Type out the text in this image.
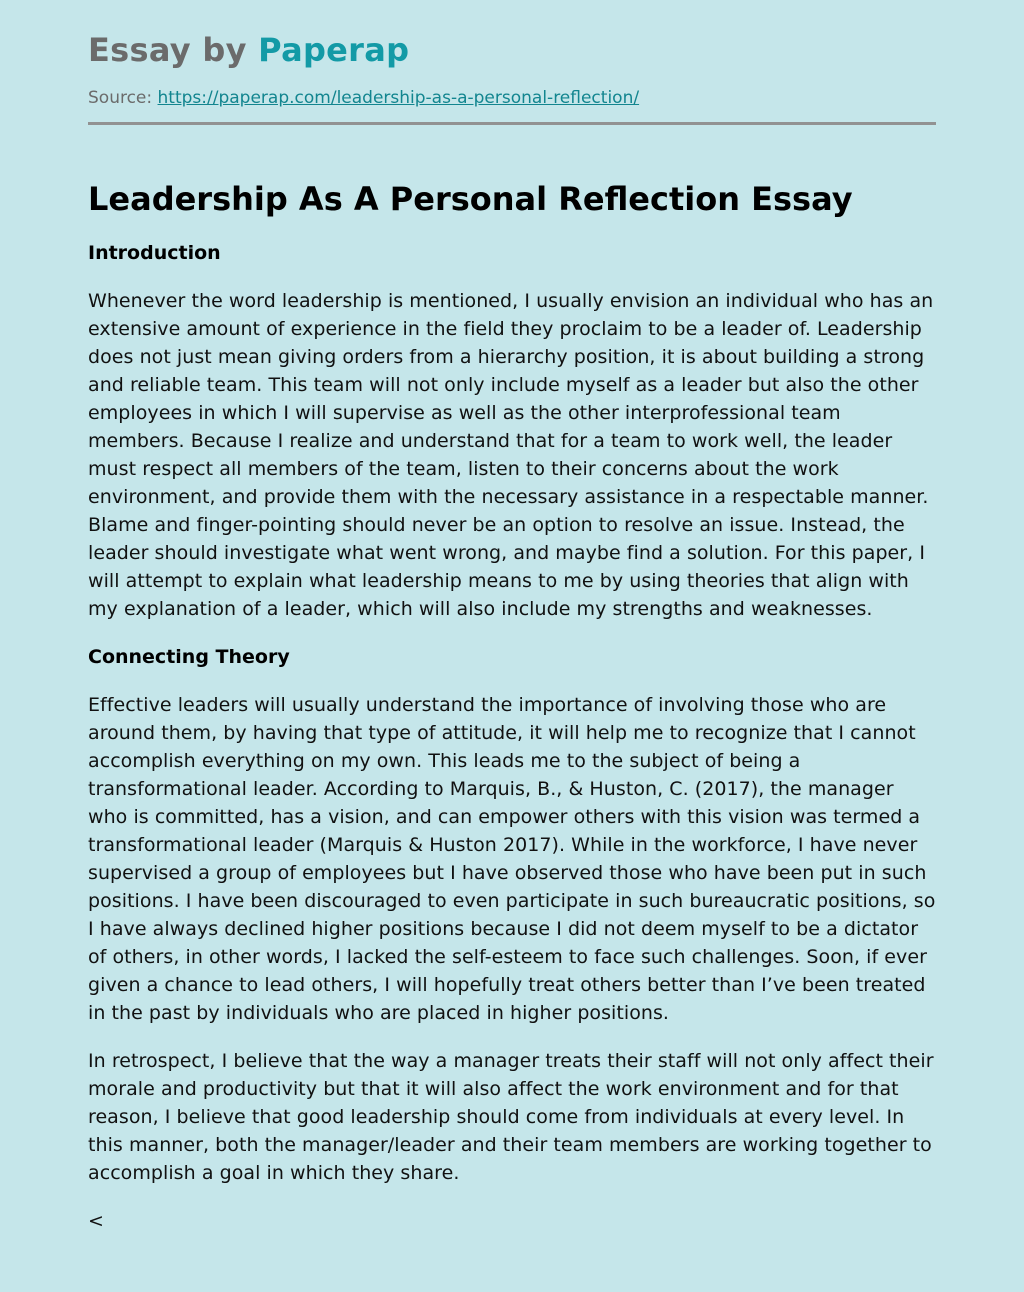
Essay by Paperap
Source: https://paperap.com/leadership-as-a-personal-reflection/
Leadership As A Personal Reflection Essay
Introduction

Whenever the word leadership is mentioned, I usually envision an individual who has an extensive amount of experience in the field they proclaim to be a leader of. Leadership does not just mean giving orders from a hierarchy position, it is about building a strong and reliable team. This team will not only include myself as a leader but also the other employees in which I will supervise as well as the other interprofessional team members. Because I realize and understand that for a team to work well, the leader must respect all members of the team, listen to their concerns about the work environment, and provide them with the necessary assistance in a respectable manner. Blame and finger-pointing should never be an option to resolve an issue. Instead, the leader should investigate what went wrong, and maybe find a solution. For this paper, I will attempt to explain what leadership means to me by using theories that align with my explanation of a leader, which will also include my strengths and weaknesses.

Connecting Theory

Effective leaders will usually understand the importance of involving those who are around them, by having that type of attitude, it will help me to recognize that I cannot accomplish everything on my own. This leads me to the subject of being a transformational leader. According to Marquis, B., & Huston, C. (2017), the manager who is committed, has a vision, and can empower others with this vision was termed a transformational leader (Marquis & Huston 2017). While in the workforce, I have never supervised a group of employees but I have observed those who have been put in such positions. I have been discouraged to even participate in such bureaucratic positions, so I have always declined higher positions because I did not deem myself to be a dictator of others, in other words, I lacked the self-esteem to face such challenges. Soon, if ever given a chance to lead others, I will hopefully treat others better than I’ve been treated in the past by individuals who are placed in higher positions.

In retrospect, I believe that the way a manager treats their staff will not only affect their morale and productivity but that it will also affect the work environment and for that reason, I believe that good leadership should come from individuals at every level. In this manner, both the manager/leader and their team members are working together to accomplish a goal in which they share.

<
